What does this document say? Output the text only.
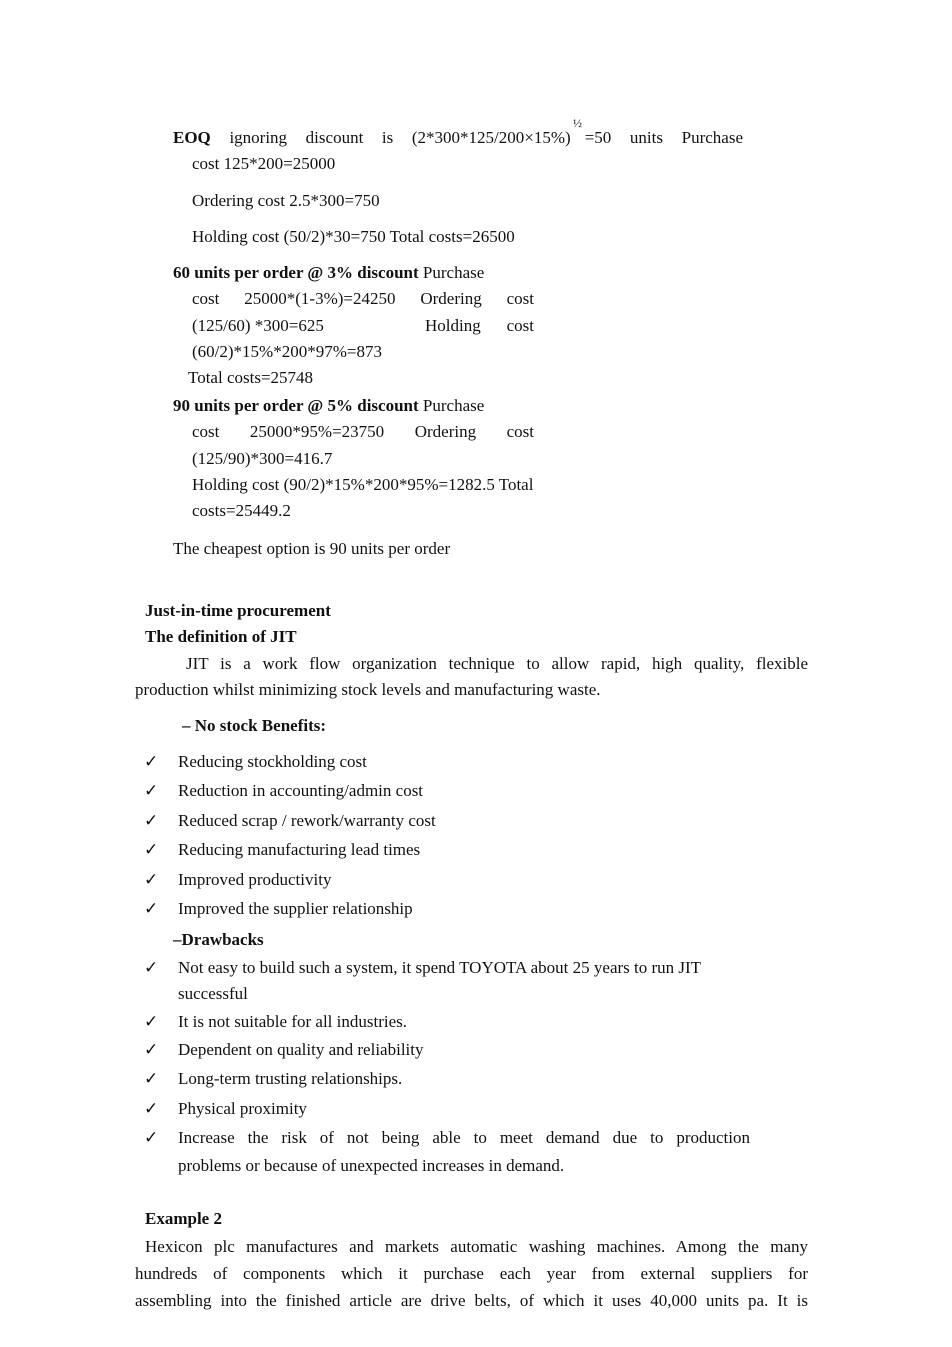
EOQ ignoring discount is (2*300*125/200×15%) =50 units Purchase
½
cost 125*200=25000
Ordering cost 2.5*300=750
Holding cost (50/2)*30=750 Total costs=26500
60 units per order @ 3% discount Purchase
cost 25000*(1-3%)=24250 Ordering cost
(125/60) *300=625	Holding cost
(60/2)*15%*200*97%=873
Total costs=25748
90 units per order @ 5% discount Purchase
cost 25000*95%=23750 Ordering cost
(125/90)*300=416.7
Holding cost (90/2)*15%*200*95%=1282.5 Total
costs=25449.2
The cheapest option is 90 units per order
Just-in-time procurement
The definition of JIT
JIT is a work flow organization technique to allow rapid, high quality, flexible
production whilst minimizing stock levels and manufacturing waste.
– No stock Benefits:
✓ Reducing stockholding cost
✓ Reduction in accounting/admin cost
✓ Reduced scrap / rework/warranty cost
✓ Reducing manufacturing lead times
✓ Improved productivity
✓ Improved the supplier relationship
–Drawbacks
✓ Not easy to build such a system, it spend TOYOTA about 25 years to run JIT
successful
✓ It is not suitable for all industries.
✓ Dependent on quality and reliability
✓ Long-term trusting relationships.
✓ Physical proximity
✓ Increase the risk of not being able to meet demand due to production
problems or because of unexpected increases in demand.
Example 2
Hexicon plc manufactures and markets automatic washing machines. Among the many
hundreds of components which it purchase each year from external suppliers for
assembling into the finished article are drive belts, of which it uses 40,000 units pa. It is
